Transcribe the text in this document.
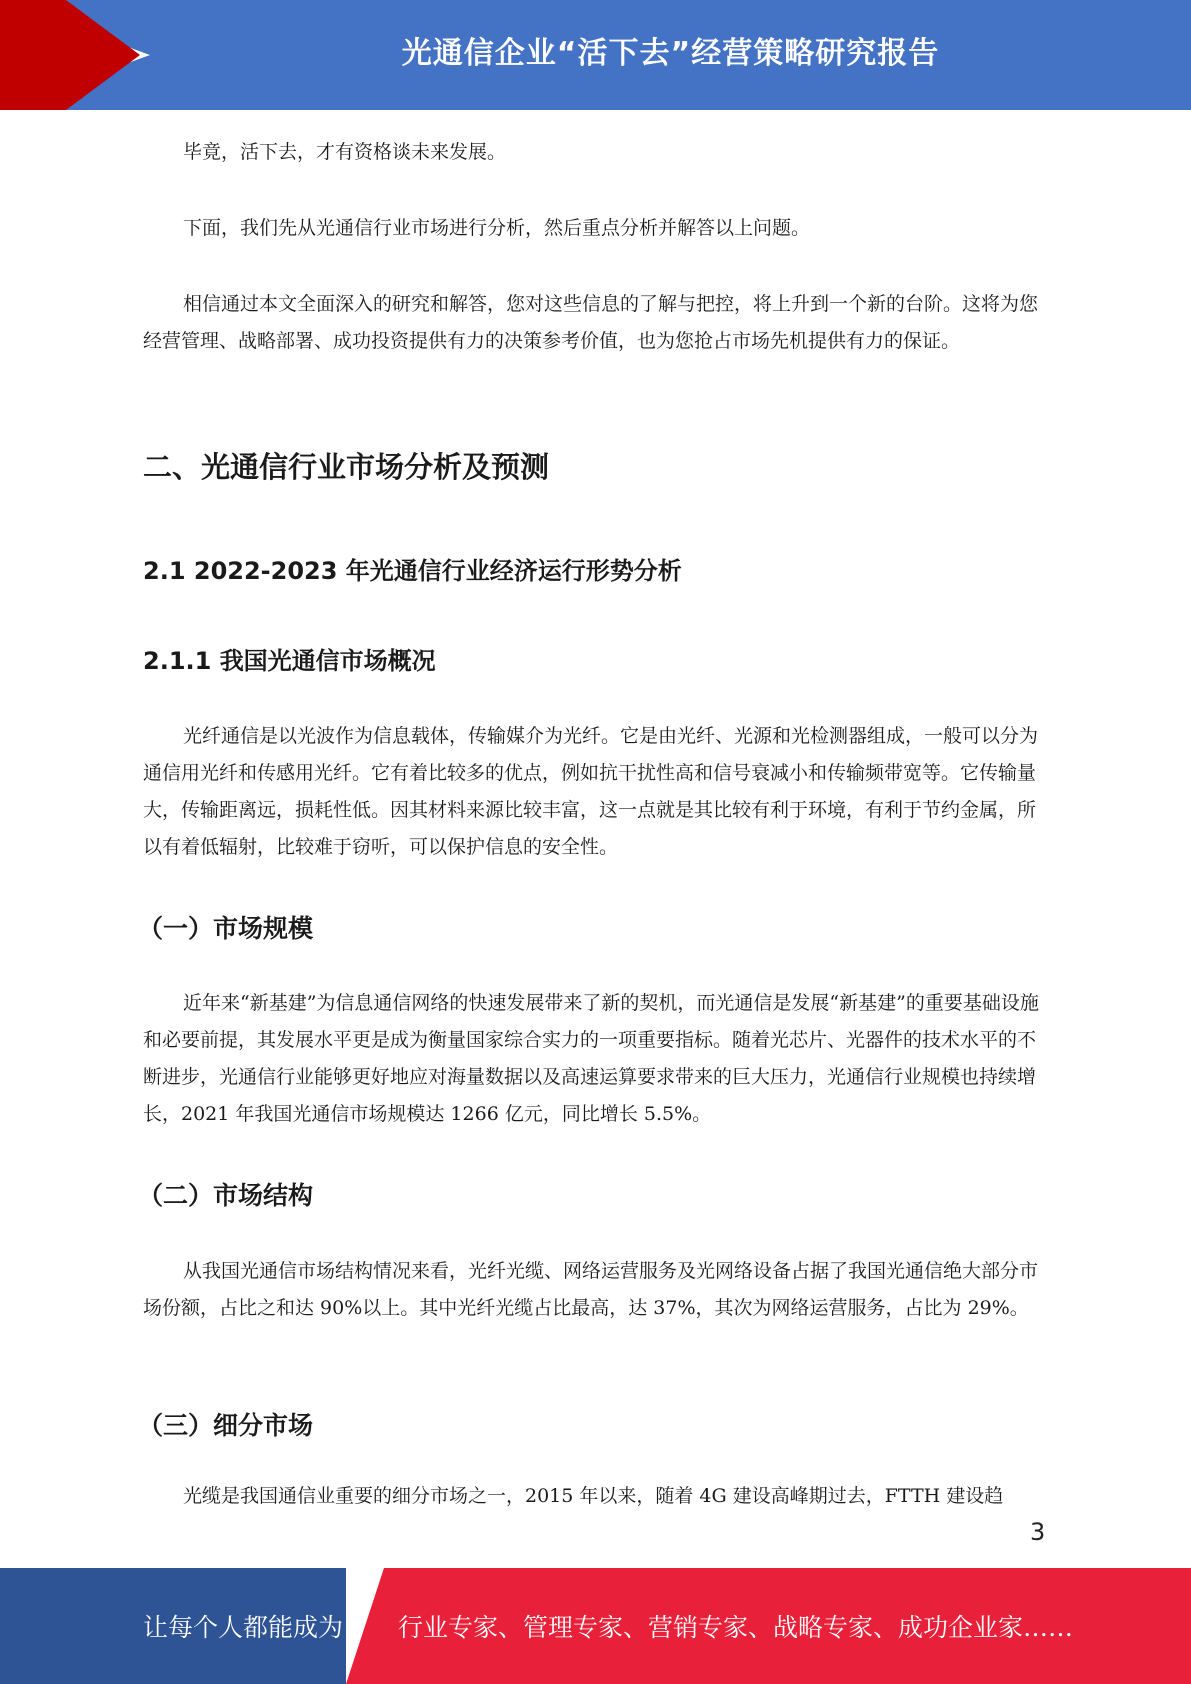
光通信企业“活下去”经营策略研究报告

毕竟，活下去，才有资格谈未来发展。

下面，我们先从光通信行业市场进行分析，然后重点分析并解答以上问题。

相信通过本文全面深入的研究和解答，您对这些信息的了解与把控，将上升到一个新的台阶。这将为您经营管理、战略部署、成功投资提供有力的决策参考价值，也为您抢占市场先机提供有力的保证。

二、光通信行业市场分析及预测
2.1 2022-2023 年光通信行业经济运行形势分析
2.1.1 我国光通信市场概况

光纤通信是以光波作为信息载体，传输媒介为光纤。它是由光纤、光源和光检测器组成，一般可以分为通信用光纤和传感用光纤。它有着比较多的优点，例如抗干扰性高和信号衰减小和传输频带宽等。它传输量大，传输距离远，损耗性低。因其材料来源比较丰富，这一点就是其比较有利于环境，有利于节约金属，所以有着低辐射，比较难于窃听，可以保护信息的安全性。

（一）市场规模

近年来“新基建”为信息通信网络的快速发展带来了新的契机，而光通信是发展“新基建”的重要基础设施和必要前提，其发展水平更是成为衡量国家综合实力的一项重要指标。随着光芯片、光器件的技术水平的不断进步，光通信行业能够更好地应对海量数据以及高速运算要求带来的巨大压力，光通信行业规模也持续增长，2021 年我国光通信市场规模达 1266 亿元，同比增长 5.5%。

（二）市场结构

从我国光通信市场结构情况来看，光纤光缆、网络运营服务及光网络设备占据了我国光通信绝大部分市场份额，占比之和达 90%以上。其中光纤光缆占比最高，达 37%，其次为网络运营服务，占比为 29%。

（三）细分市场

光缆是我国通信业重要的细分市场之一，2015 年以来，随着 4G 建设高峰期过去，FTTH 建设趋

3
让每个人都能成为 行业专家、管理专家、营销专家、战略专家、成功企业家……
